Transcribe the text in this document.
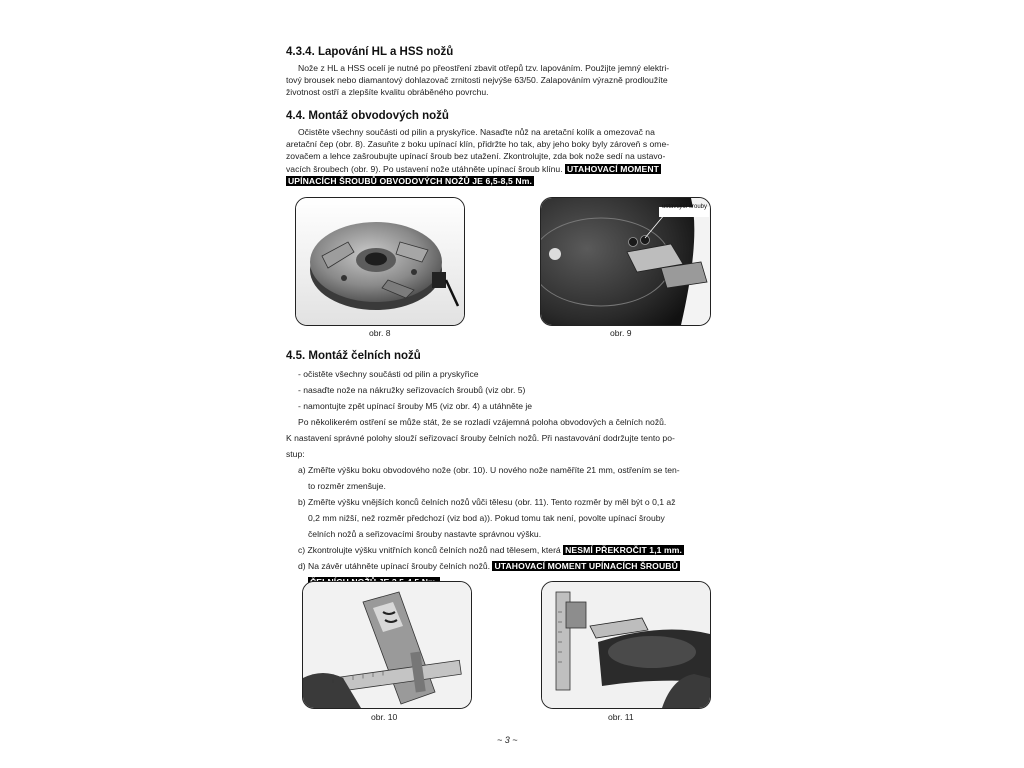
4.3.4. Lapování HL a HSS nožů

Nože z HL a HSS ocelí je nutné po přeostření zbavit otřepů tzv. lapováním. Použijte jemný elektri-

tový brousek nebo diamantový dohlazovač zrnitosti nejvýše 63/50. Zalapováním výrazně prodloužíte

životnost ostří a zlepšíte kvalitu obráběného povrchu.

4.4. Montáž obvodových nožů

Očistěte všechny součásti od pilin a pryskyřice. Nasaďte nůž na aretační kolík a omezovač na

aretační čep (obr. 8). Zasuňte z boku upínací klín, přidržte ho tak, aby jeho boky byly zároveň s ome-

zovačem a lehce zašroubujte upínací šroub bez utažení. Zkontrolujte, zda bok nože sedí na ustavo-

vacích šroubech (obr. 9). Po ustavení nože utáhněte upínací šroub klínu. UTAHOVACÍ MOMENT

UPÍNACÍCH ŠROUBŮ OBVODOVÝCH NOŽŮ JE 6,5-8,5 Nm.

obr. 8
ustavující šrouby
obr. 9
4.5. Montáž čelních nožů
- očistěte všechny součásti od pilin a pryskyřice
- nasaďte nože na nákružky seřizovacích šroubů (viz obr. 5)
- namontujte zpět upínací šrouby M5 (viz obr. 4) a utáhněte je
Po několikerém ostření se může stát, že se rozladí vzájemná poloha obvodových a čelních nožů.
K nastavení správné polohy slouží seřizovací šrouby čelních nožů. Při nastavování dodržujte tento po-
stup:
a) Změřte výšku boku obvodového nože (obr. 10). U nového nože naměříte 21 mm, ostřením se ten-
to rozměr zmenšuje.
b) Změřte výšku vnějších konců čelních nožů vůči tělesu (obr. 11). Tento rozměr by měl být o 0,1 až
0,2 mm nižší, než rozměr předchozí (viz bod a)). Pokud tomu tak není, povolte upínací šrouby
čelních nožů a seřizovacími šrouby nastavte správnou výšku.
c) Zkontrolujte výšku vnitřních konců čelních nožů nad tělesem, která NESMÍ PŘEKROČIT 1,1 mm.
d) Na závěr utáhněte upínací šrouby čelních nožů. UTAHOVACÍ MOMENT UPÍNACÍCH ŠROUBŮ
obr. 10	obr. 11
~ 3 ~
